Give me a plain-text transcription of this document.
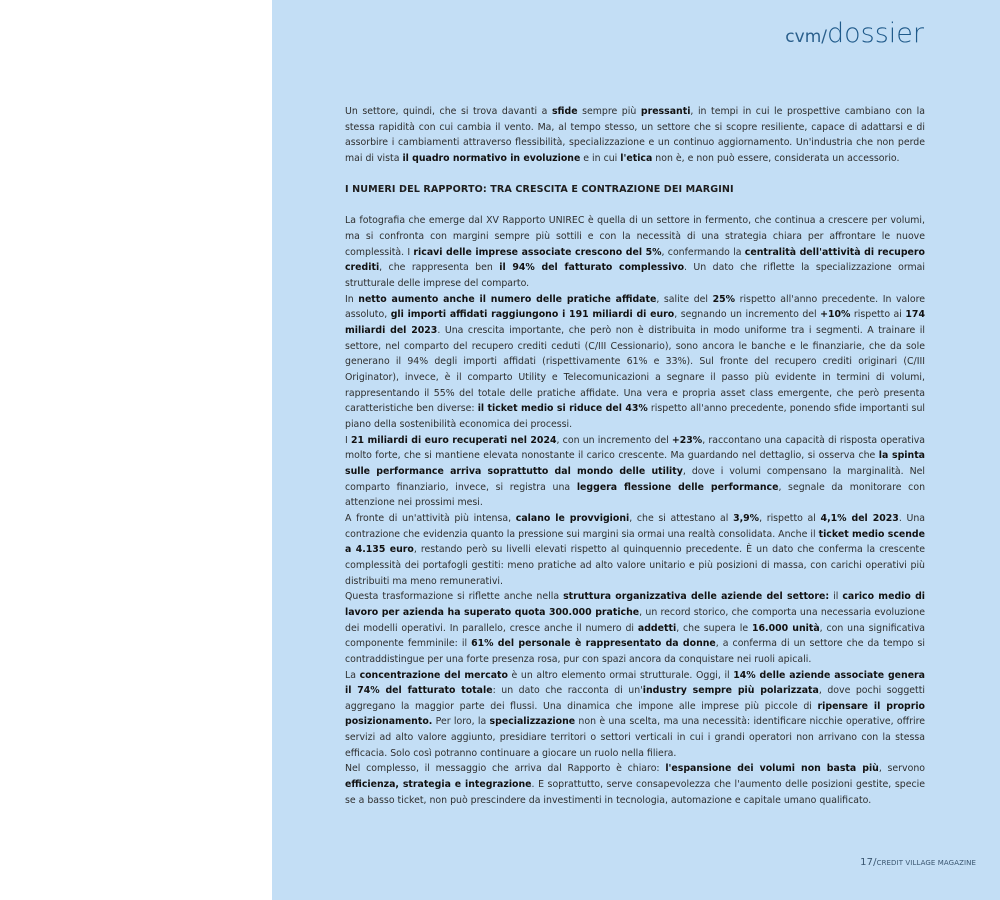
cvm/dossier

Un settore, quindi, che si trova davanti a sfide sempre più pressanti, in tempi in cui le prospettive cambiano con la stessa rapidità con cui cambia il vento. Ma, al tempo stesso, un settore che si scopre resiliente, capace di adattarsi e di assorbire i cambiamenti attraverso flessibilità, specializzazione e un continuo aggiornamento. Un'industria che non perde mai di vista il quadro normativo in evoluzione e in cui l'etica non è, e non può essere, considerata un accessorio.

I NUMERI DEL RAPPORTO: TRA CRESCITA E CONTRAZIONE DEI MARGINI

La fotografia che emerge dal XV Rapporto UNIREC è quella di un settore in fermento, che continua a crescere per volumi, ma si confronta con margini sempre più sottili e con la necessità di una strategia chiara per affrontare le nuove complessità. I ricavi delle imprese associate crescono del 5%, confermando la centralità dell'attività di recupero crediti, che rappresenta ben il 94% del fatturato complessivo. Un dato che riflette la specializzazione ormai strutturale delle imprese del comparto.

In netto aumento anche il numero delle pratiche affidate, salite del 25% rispetto all'anno precedente. In valore assoluto, gli importi affidati raggiungono i 191 miliardi di euro, segnando un incremento del +10% rispetto ai 174 miliardi del 2023. Una crescita importante, che però non è distribuita in modo uniforme tra i segmenti. A trainare il settore, nel comparto del recupero crediti ceduti (C/III Cessionario), sono ancora le banche e le finanziarie, che da sole generano il 94% degli importi affidati (rispettivamente 61% e 33%). Sul fronte del recupero crediti originari (C/III Originator), invece, è il comparto Utility e Telecomunicazioni a segnare il passo più evidente in termini di volumi, rappresentando il 55% del totale delle pratiche affidate. Una vera e propria asset class emergente, che però presenta caratteristiche ben diverse: il ticket medio si riduce del 43% rispetto all'anno precedente, ponendo sfide importanti sul piano della sostenibilità economica dei processi.

I 21 miliardi di euro recuperati nel 2024, con un incremento del +23%, raccontano una capacità di risposta operativa molto forte, che si mantiene elevata nonostante il carico crescente. Ma guardando nel dettaglio, si osserva che la spinta sulle performance arriva soprattutto dal mondo delle utility, dove i volumi compensano la marginalità. Nel comparto finanziario, invece, si registra una leggera flessione delle performance, segnale da monitorare con attenzione nei prossimi mesi.

A fronte di un'attività più intensa, calano le provvigioni, che si attestano al 3,9%, rispetto al 4,1% del 2023. Una contrazione che evidenzia quanto la pressione sui margini sia ormai una realtà consolidata. Anche il ticket medio scende a 4.135 euro, restando però su livelli elevati rispetto al quinquennio precedente. È un dato che conferma la crescente complessità dei portafogli gestiti: meno pratiche ad alto valore unitario e più posizioni di massa, con carichi operativi più distribuiti ma meno remunerativi.

Questa trasformazione si riflette anche nella struttura organizzativa delle aziende del settore: il carico medio di lavoro per azienda ha superato quota 300.000 pratiche, un record storico, che comporta una necessaria evoluzione dei modelli operativi. In parallelo, cresce anche il numero di addetti, che supera le 16.000 unità, con una significativa componente femminile: il 61% del personale è rappresentato da donne, a conferma di un settore che da tempo si contraddistingue per una forte presenza rosa, pur con spazi ancora da conquistare nei ruoli apicali.

La concentrazione del mercato è un altro elemento ormai strutturale. Oggi, il 14% delle aziende associate genera il 74% del fatturato totale: un dato che racconta di un'industry sempre più polarizzata, dove pochi soggetti aggregano la maggior parte dei flussi. Una dinamica che impone alle imprese più piccole di ripensare il proprio posizionamento. Per loro, la specializzazione non è una scelta, ma una necessità: identificare nicchie operative, offrire servizi ad alto valore aggiunto, presidiare territori o settori verticali in cui i grandi operatori non arrivano con la stessa efficacia. Solo così potranno continuare a giocare un ruolo nella filiera.

Nel complesso, il messaggio che arriva dal Rapporto è chiaro: l'espansione dei volumi non basta più, servono efficienza, strategia e integrazione. E soprattutto, serve consapevolezza che l'aumento delle posizioni gestite, specie se a basso ticket, non può prescindere da investimenti in tecnologia, automazione e capitale umano qualificato.

17/CREDIT VILLAGE MAGAZINE
